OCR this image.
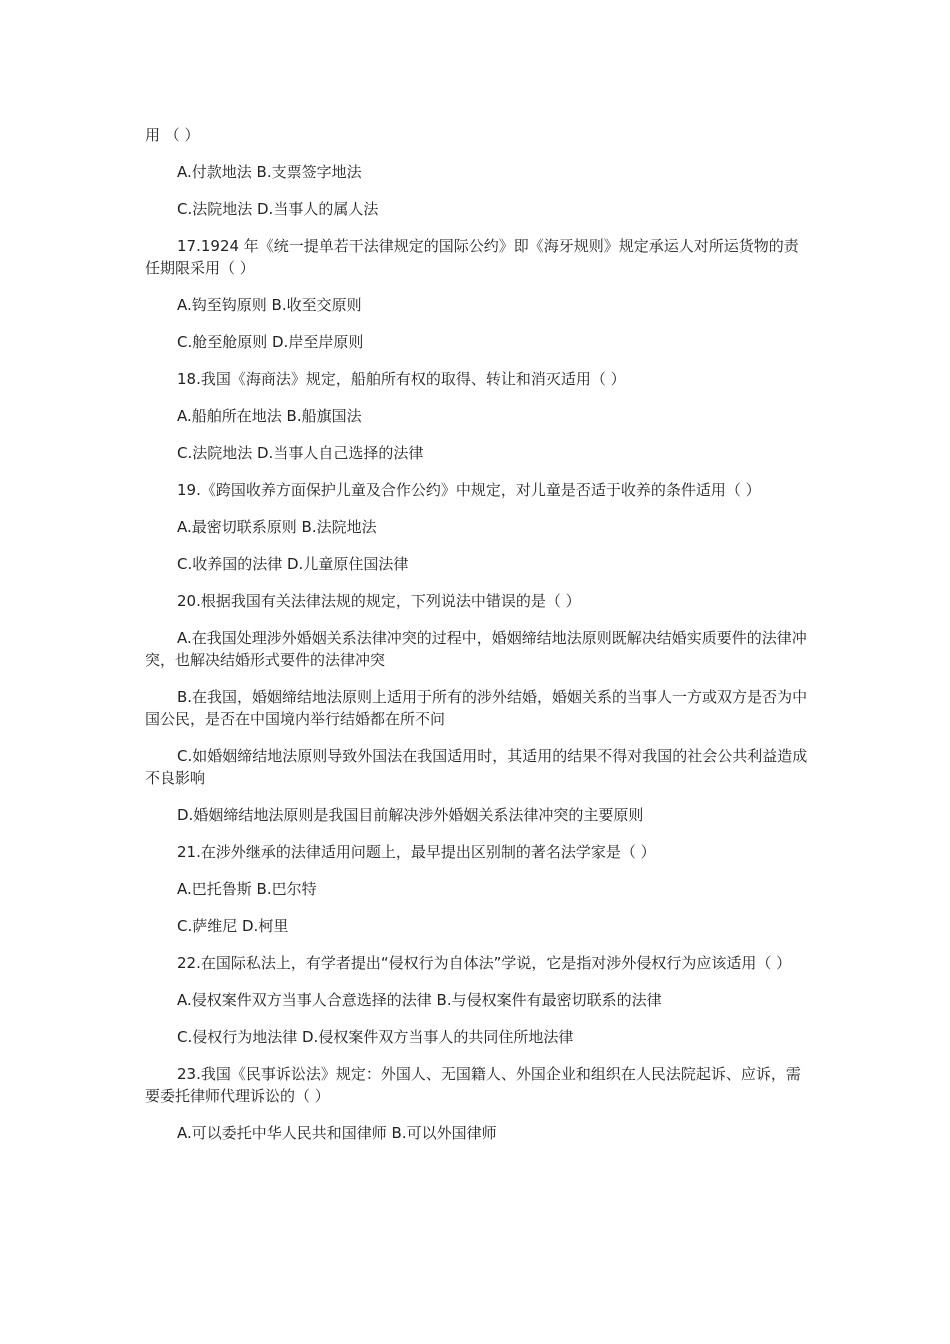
用 （ ）

A.付款地法 B.支票签字地法

C.法院地法 D.当事人的属人法

17.1924 年《统一提单若干法律规定的国际公约》即《海牙规则》规定承运人对所运货物的责任期限采用（ ）

A.钩至钩原则 B.收至交原则

C.舱至舱原则 D.岸至岸原则

18.我国《海商法》规定，船舶所有权的取得、转让和消灭适用（ ）

A.船舶所在地法 B.船旗国法

C.法院地法 D.当事人自己选择的法律

19.《跨国收养方面保护儿童及合作公约》中规定，对儿童是否适于收养的条件适用（ ）

A.最密切联系原则 B.法院地法

C.收养国的法律 D.儿童原住国法律

20.根据我国有关法律法规的规定，下列说法中错误的是（ ）

A.在我国处理涉外婚姻关系法律冲突的过程中，婚姻缔结地法原则既解决结婚实质要件的法律冲突，也解决结婚形式要件的法律冲突

B.在我国，婚姻缔结地法原则上适用于所有的涉外结婚，婚姻关系的当事人一方或双方是否为中国公民，是否在中国境内举行结婚都在所不问

C.如婚姻缔结地法原则导致外国法在我国适用时，其适用的结果不得对我国的社会公共利益造成不良影响

D.婚姻缔结地法原则是我国目前解决涉外婚姻关系法律冲突的主要原则

21.在涉外继承的法律适用问题上，最早提出区别制的著名法学家是（ ）

A.巴托鲁斯 B.巴尔特

C.萨维尼 D.柯里

22.在国际私法上，有学者提出“侵权行为自体法”学说，它是指对涉外侵权行为应该适用（ ）

A.侵权案件双方当事人合意选择的法律 B.与侵权案件有最密切联系的法律

C.侵权行为地法律 D.侵权案件双方当事人的共同住所地法律

23.我国《民事诉讼法》规定：外国人、无国籍人、外国企业和组织在人民法院起诉、应诉，需要委托律师代理诉讼的（ ）

A.可以委托中华人民共和国律师 B.可以外国律师
